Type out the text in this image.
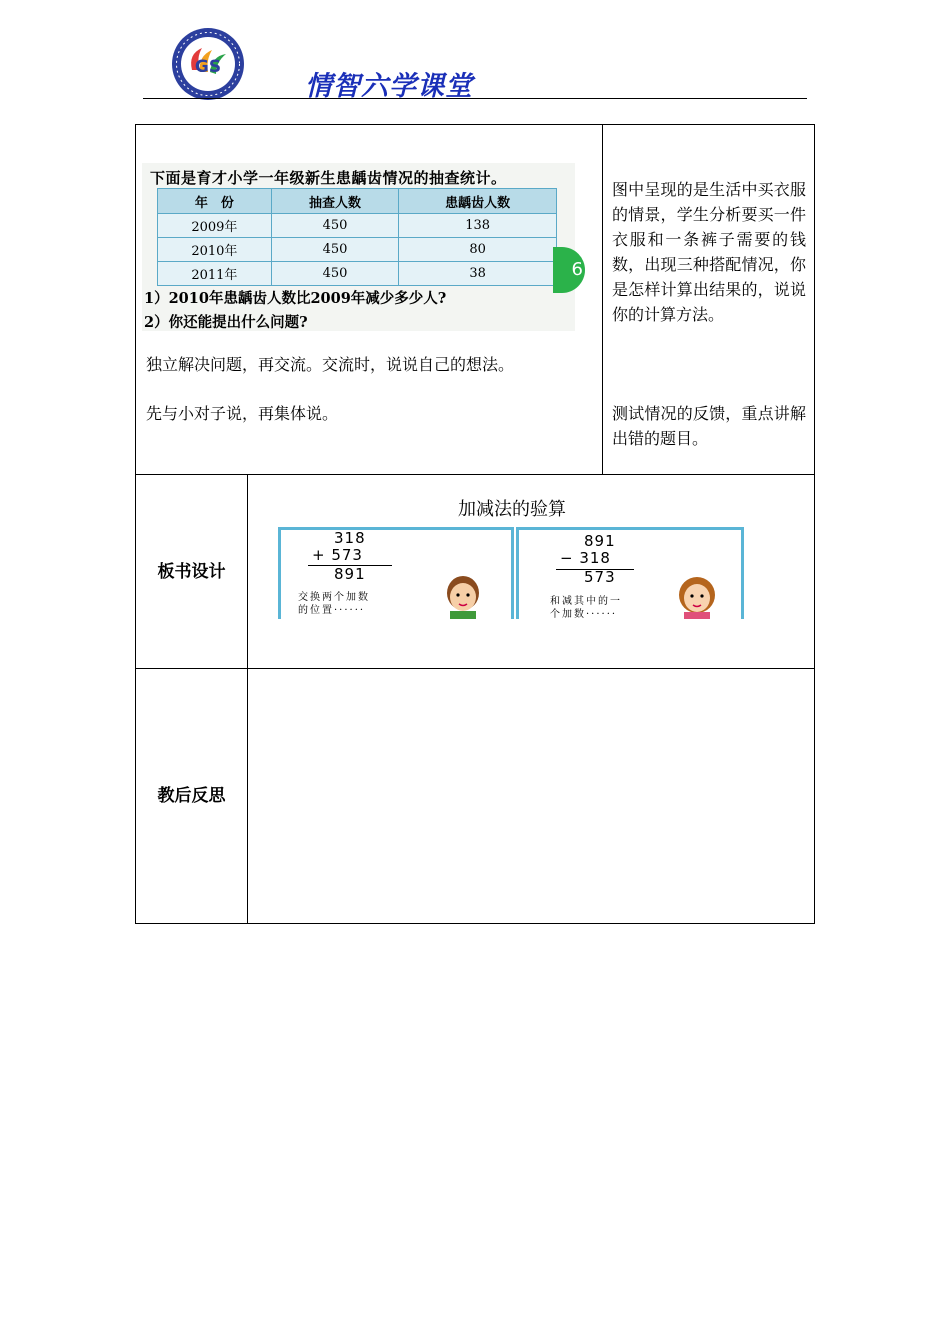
GS
情智六学课堂
下面是育才小学一年级新生患龋齿情况的抽查统计。
年　份	抽查人数	患龋齿人数
2009年	450	138
2010年	450	80
2011年	450	38	6
1）2010年患龋齿人数比2009年减少多少人?
2）你还能提出什么问题?
独立解决问题，再交流。交流时，说说自己的想法。
先与小对子说，再集体说。
图中呈现的是生活中买衣服的情景，学生分析要买一件衣服和一条裤子需要的钱数，出现三种搭配情况，你是怎样计算出结果的，说说你的计算方法。
测试情况的反馈，重点讲解出错的题目。
板书设计
加减法的验算
318
+ 573
891
交换两个加数
的位置······
891
− 318
573
和减其中的一
个加数······
教后反思
